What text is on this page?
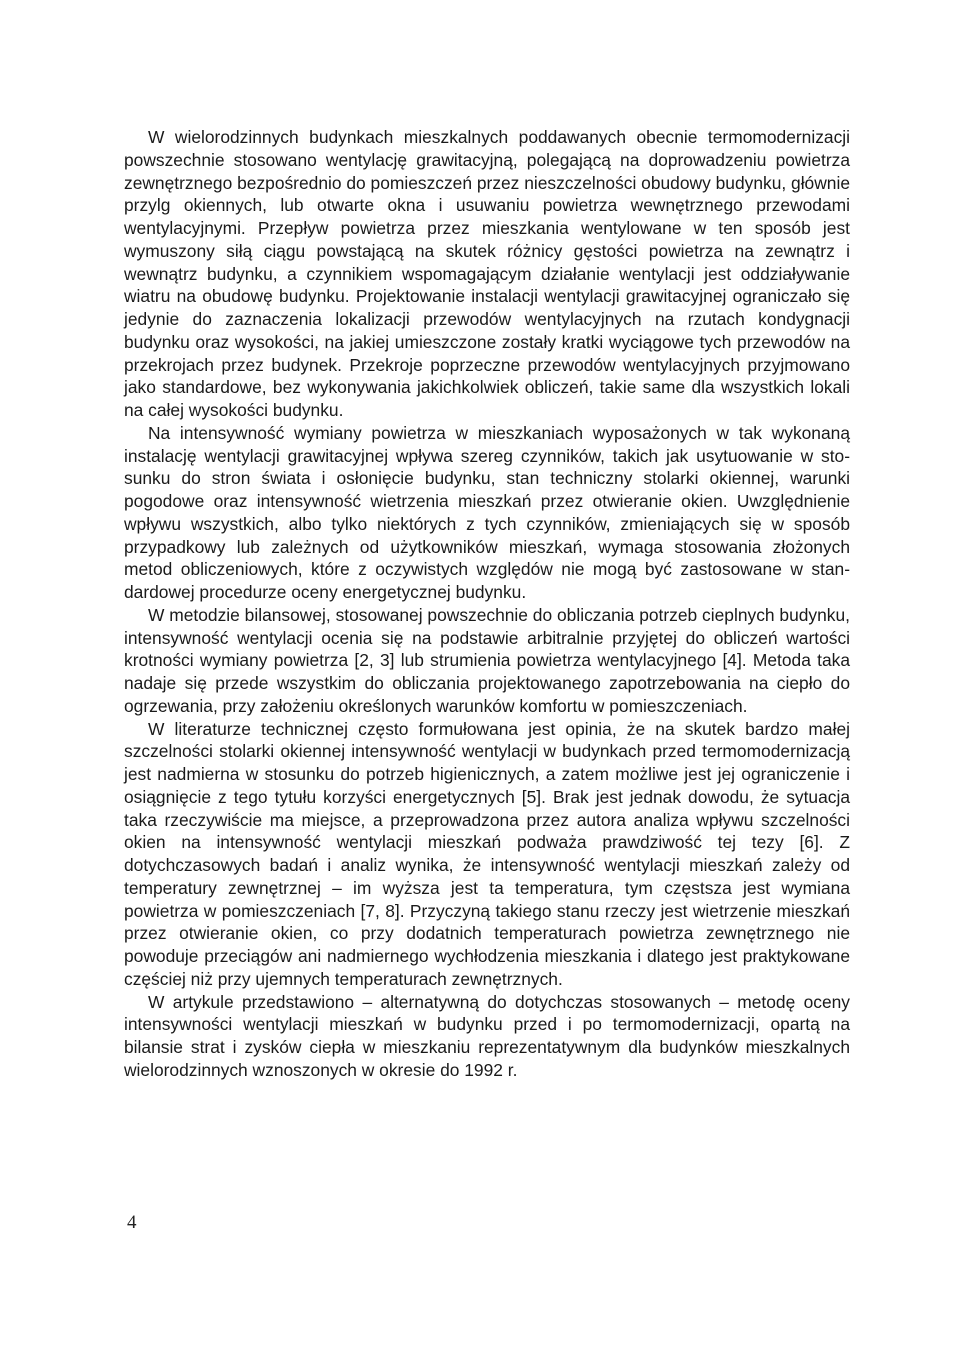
W wielorodzinnych budynkach mieszkalnych poddawanych obecnie termomodernizacji powszechnie stosowano wentylację grawitacyjną, polegającą na doprowadzeniu powietrza zewnętrznego bezpośrednio do pomieszczeń przez nieszczelności obudowy budynku, głównie przylg okiennych, lub otwarte okna i usuwaniu powietrza wewnętrznego przewodami wentylacyjnymi. Przepływ powietrza przez mieszkania wentylowane w ten sposób jest wymuszony siłą ciągu powstającą na skutek różnicy gęstości powietrza na zewnątrz i wewnątrz budynku, a czynnikiem wspomagającym działanie wentylacji jest oddziaływanie wiatru na obudowę budynku. Projektowanie instalacji wentylacji grawitacyjnej ograniczało się jedynie do zaznaczenia lokalizacji przewodów wentylacyjnych na rzutach kondygnacji budynku oraz wysokości, na jakiej umieszczone zostały kratki wyciągowe tych przewodów na przekrojach przez budynek. Przekroje poprzeczne przewodów wentylacyjnych przyjmowano jako standardowe, bez wykonywania jakichkolwiek obliczeń, takie same dla wszystkich lokali na całej wysokości budynku.

Na intensywność wymiany powietrza w mieszkaniach wyposażonych w tak wykonaną instalację wentylacji grawitacyjnej wpływa szereg czynników, takich jak usytuowanie w stosunku do stron świata i osłonięcie budynku, stan techniczny stolarki okiennej, warunki pogodowe oraz intensywność wietrzenia mieszkań przez otwieranie okien. Uwzględnienie wpływu wszystkich, albo tylko niektórych z tych czynników, zmieniających się w sposób przypadkowy lub zależnych od użytkowników mieszkań, wymaga stosowania złożonych metod obliczeniowych, które z oczywistych względów nie mogą być zastosowane w standardowej procedurze oceny energetycznej budynku.

W metodzie bilansowej, stosowanej powszechnie do obliczania potrzeb cieplnych budynku, intensywność wentylacji ocenia się na podstawie arbitralnie przyjętej do obliczeń wartości krotności wymiany powietrza [2, 3] lub strumienia powietrza wentylacyjnego [4]. Metoda taka nadaje się przede wszystkim do obliczania projektowanego zapotrzebowania na ciepło do ogrzewania, przy założeniu określonych warunków komfortu w pomieszczeniach.

W literaturze technicznej często formułowana jest opinia, że na skutek bardzo małej szczelności stolarki okiennej intensywność wentylacji w budynkach przed termomodernizacją jest nadmierna w stosunku do potrzeb higienicznych, a zatem możliwe jest jej ograniczenie i osiągnięcie z tego tytułu korzyści energetycznych [5]. Brak jest jednak dowodu, że sytuacja taka rzeczywiście ma miejsce, a przeprowadzona przez autora analiza wpływu szczelności okien na intensywność wentylacji mieszkań podważa prawdziwość tej tezy [6]. Z dotychczasowych badań i analiz wynika, że intensywność wentylacji mieszkań zależy od temperatury zewnętrznej – im wyższa jest ta temperatura, tym częstsza jest wymiana powietrza w pomieszczeniach [7, 8]. Przyczyną takiego stanu rzeczy jest wietrzenie mieszkań przez otwieranie okien, co przy dodatnich temperaturach powietrza zewnętrznego nie powoduje przeciągów ani nadmiernego wychłodzenia mieszkania i dlatego jest praktykowane częściej niż przy ujemnych temperaturach zewnętrznych.

W artykule przedstawiono – alternatywną do dotychczas stosowanych – metodę oceny intensywności wentylacji mieszkań w budynku przed i po termomodernizacji, opartą na bilansie strat i zysków ciepła w mieszkaniu reprezentatywnym dla budynków mieszkalnych wielorodzinnych wznoszonych w okresie do 1992 r.

4
